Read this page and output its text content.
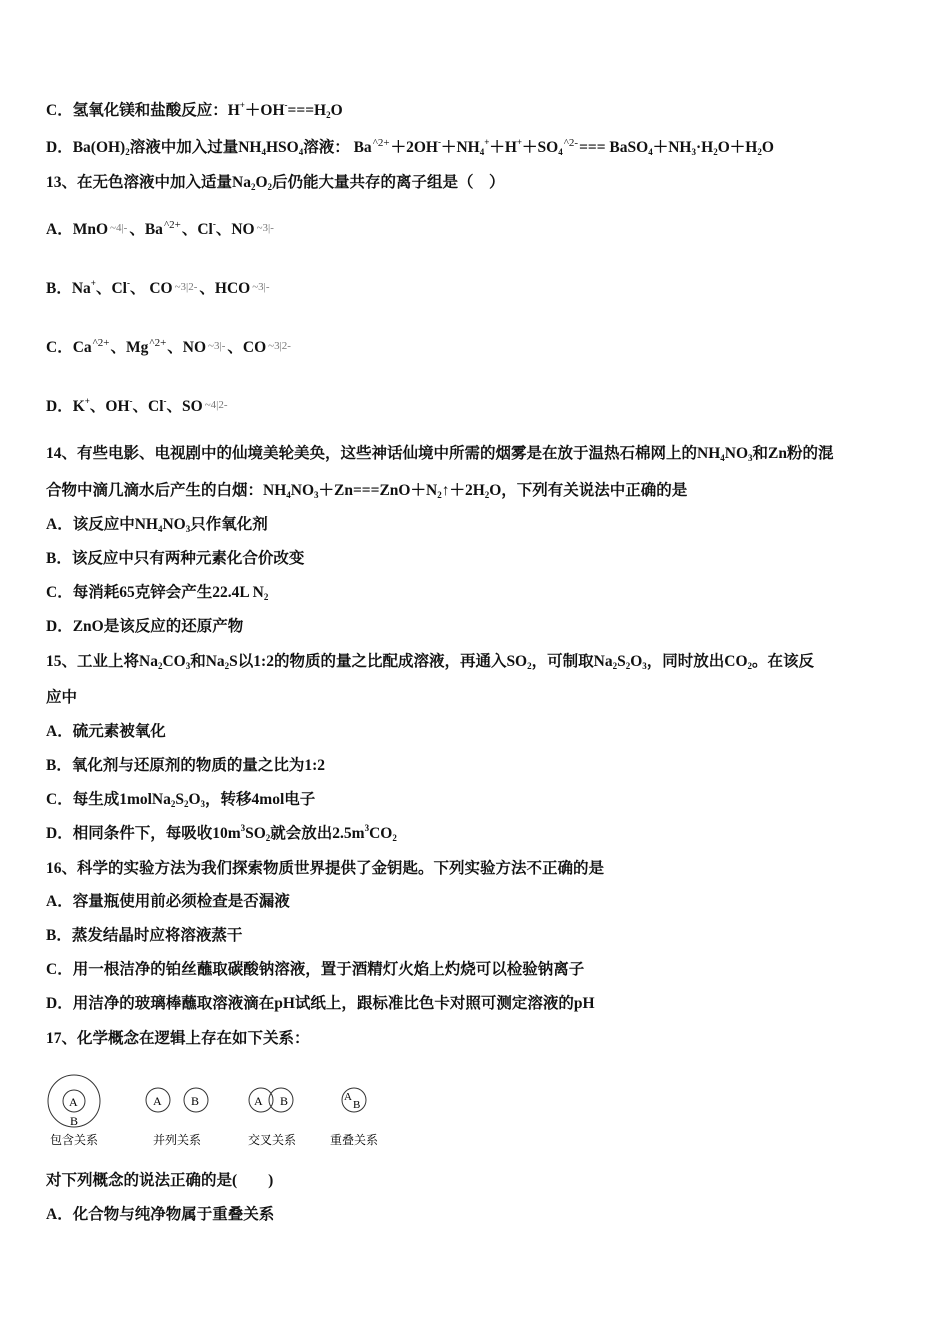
C．氢氧化镁和盐酸反应：$H^++OH^-===H_2O$
D．$Ba(OH)_2$溶液中加入过量$NH_4HSO_4$溶液： $Ba^{\^{}2+}+2OH^-+NH_4^++H^++SO_4^{\^{}2-}===$ $BaSO_4+NH_3\cdot H_2O+H_2O$
13、在无色溶液中加入适量$Na_2O_2$后仍能大量共存的离子组是（　）
A．MnO ~4|- 、$Ba^{\^{}2+}$、Cl-、NO ~3|-
B．Na+、Cl-、 CO ~3|2- 、HCO ~3|-
C．$Ca^{\^{}2+}$、$Mg^{\^{}2+}$、NO ~3|- 、CO ~3|2-
D．K+、OH-、Cl-、SO ~4|2-
14、有些电影、电视剧中的仙境美轮美奂，这些神话仙境中所需的烟雾是在放于温热石棉网上的$NH_4NO_3$和Zn粉的混
合物中滴几滴水后产生的白烟：$NH_4NO_3+Zn===ZnO+N_2↑+2H_2O$，下列有关说法中正确的是
A．该反应中$NH_4NO_3$只作氧化剂
B．该反应中只有两种元素化合价改变
C．每消耗65克锌会产生22.4L $N_2$
D．ZnO是该反应的还原产物
15、工业上将$Na_2CO_3$和$Na_2S$以1:2的物质的量之比配成溶液，再通入$SO_2$，可制取$Na_2S_2O_3$，同时放出$CO_2$。在该反
应中
A．硫元素被氧化
B．氧化剂与还原剂的物质的量之比为1:2
C．每生成$1molNa_2S_2O_3$，转移4mol电子
D．相同条件下，每吸收$10m^3SO_2$就会放出$2.5m^3CO_2$
16、科学的实验方法为我们探索物质世界提供了金钥匙。下列实验方法不正确的是
A．容量瓶使用前必须检查是否漏液
B．蒸发结晶时应将溶液蒸干
C．用一根洁净的铂丝蘸取碳酸钠溶液，置于酒精灯火焰上灼烧可以检验钠离子
D．用洁净的玻璃棒蘸取溶液滴在pH试纸上，跟标准比色卡对照可测定溶液的pH
17、化学概念在逻辑上存在如下关系：
对下列概念的说法正确的是(　　)
A．化合物与纯净物属于重叠关系
A
B
A B	A B	A
B
包含关系	并列关系	交叉关系	重叠关系
